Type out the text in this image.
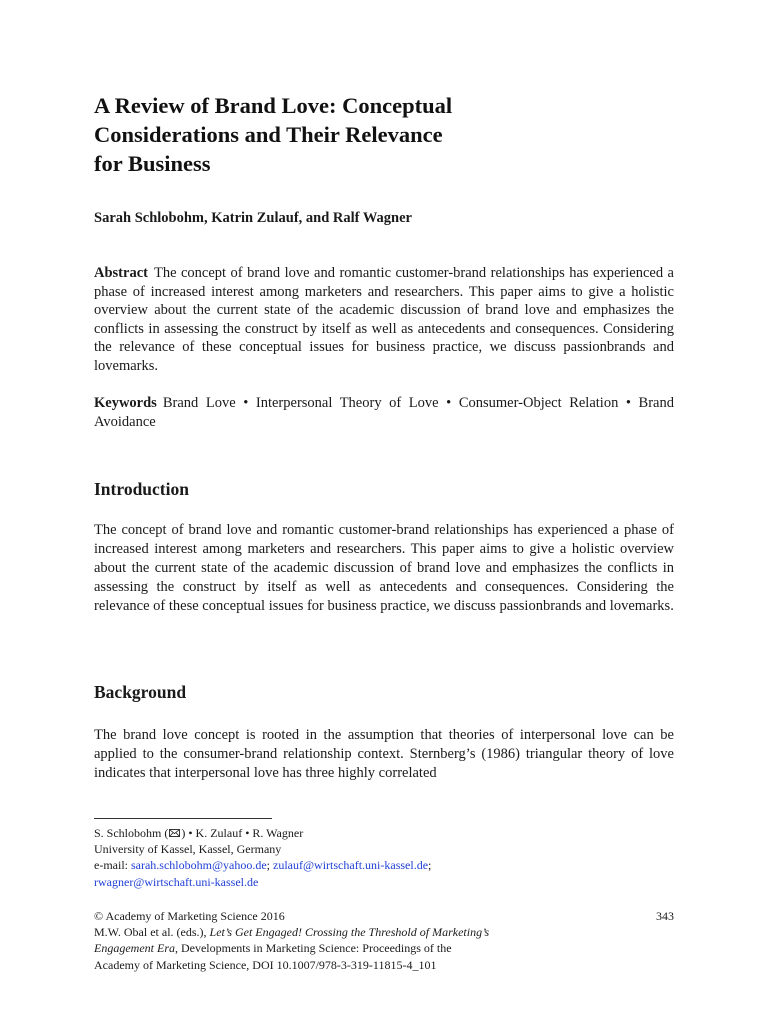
A Review of Brand Love: Conceptual
Considerations and Their Relevance
for Business

Sarah Schlobohm, Katrin Zulauf, and Ralf Wagner

Abstract The concept of brand love and romantic customer-brand relationships has experienced a phase of increased interest among marketers and researchers. This paper aims to give a holistic overview about the current state of the academic discussion of brand love and emphasizes the conflicts in assessing the construct by itself as well as antecedents and consequences. Considering the relevance of these conceptual issues for business practice, we discuss passionbrands and lovemarks.

Keywords Brand Love • Interpersonal Theory of Love • Consumer-Object Relation • Brand Avoidance

Introduction

The concept of brand love and romantic customer-brand relationships has experienced a phase of increased interest among marketers and researchers. This paper aims to give a holistic overview about the current state of the academic discussion of brand love and emphasizes the conflicts in assessing the construct by itself as well as antecedents and consequences. Considering the relevance of these conceptual issues for business practice, we discuss passionbrands and lovemarks.

Background

The brand love concept is rooted in the assumption that theories of interpersonal love can be applied to the consumer-brand relationship context. Sternberg’s (1986) triangular theory of love indicates that interpersonal love has three highly correlated

S. Schlobohm ( ) • K. Zulauf • R. Wagner
University of Kassel, Kassel, Germany
e-mail: sarah.schlobohm@yahoo.de; zulauf@wirtschaft.uni-kassel.de;
rwagner@wirtschaft.uni-kassel.de
343
© Academy of Marketing Science 2016
M.W. Obal et al. (eds.), Let’s Get Engaged! Crossing the Threshold of Marketing’s
Engagement Era, Developments in Marketing Science: Proceedings of the
Academy of Marketing Science, DOI 10.1007/978-3-319-11815-4_101
